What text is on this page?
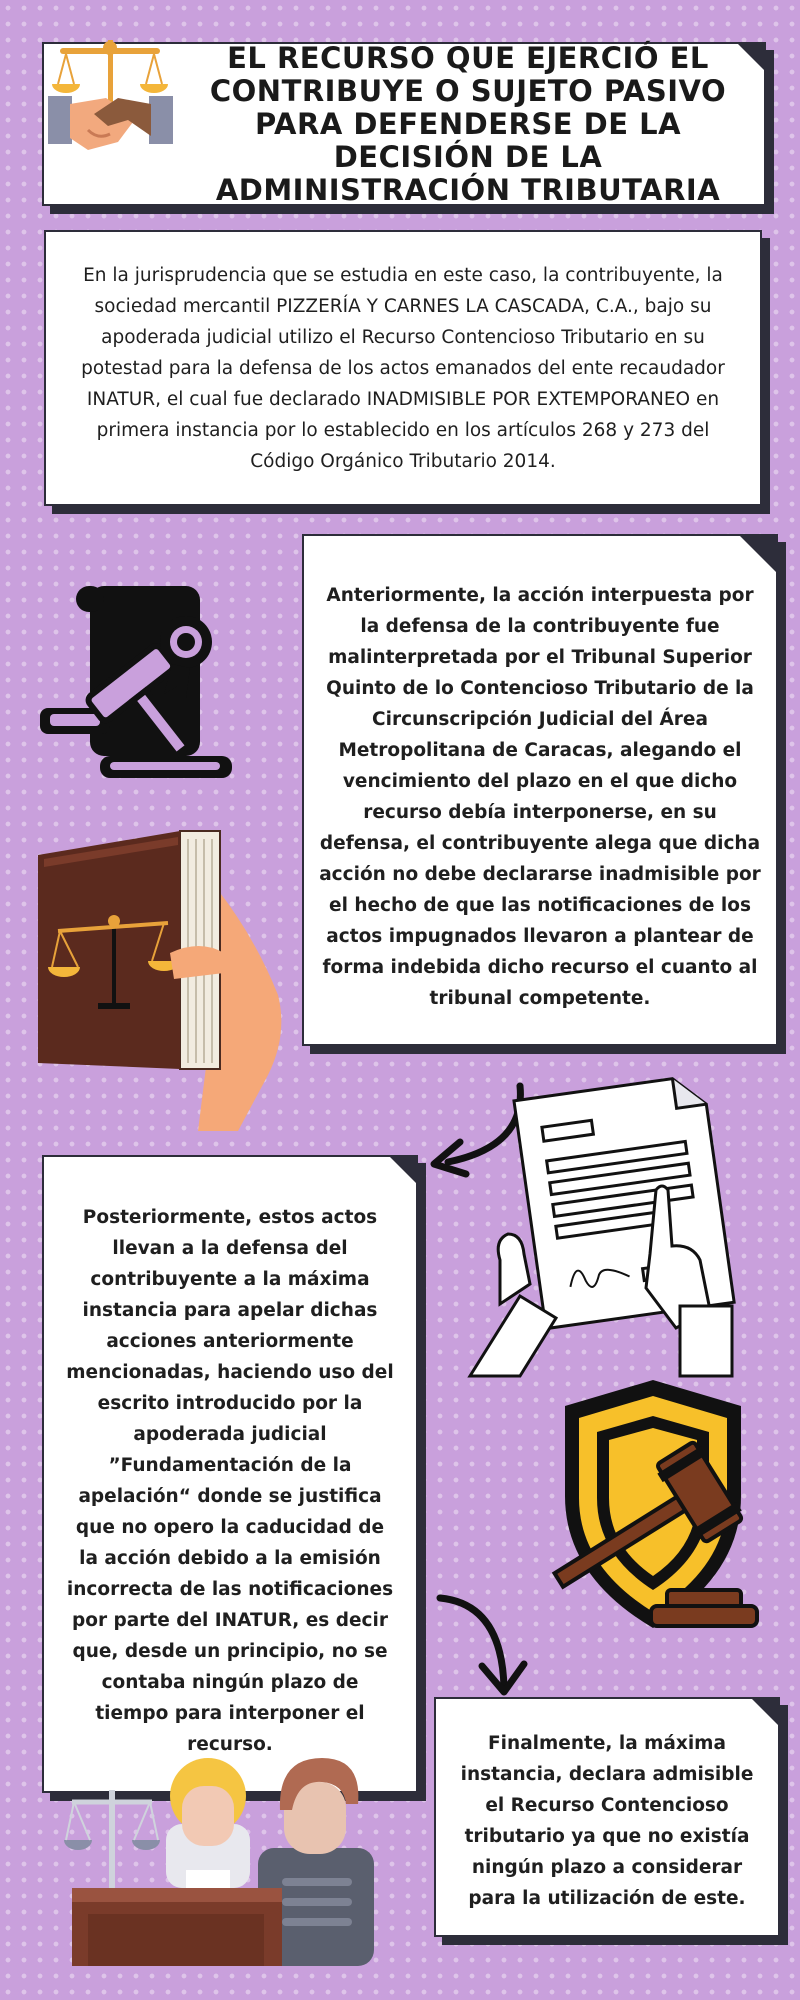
EL RECURSO QUE EJERCIÓ EL CONTRIBUYE O SUJETO PASIVO PARA DEFENDERSE DE LA DECISIÓN DE LA ADMINISTRACIÓN TRIBUTARIA
En la jurisprudencia que se estudia en este caso, la contribuyente, la sociedad mercantil PIZZERÍA Y CARNES LA CASCADA, C.A., bajo su apoderada judicial utilizo el Recurso Contencioso Tributario en su potestad para la defensa de los actos emanados del ente recaudador INATUR, el cual fue declarado INADMISIBLE POR EXTEMPORANEO en primera instancia por lo establecido en los artículos 268 y 273 del Código Orgánico Tributario 2014.
Anteriormente, la acción interpuesta por la defensa de la contribuyente fue malinterpretada por el Tribunal Superior Quinto de lo Contencioso Tributario de la Circunscripción Judicial del Área Metropolitana de Caracas, alegando el vencimiento del plazo en el que dicho recurso debía interponerse, en su defensa, el contribuyente alega que dicha acción no debe declararse inadmisible por el hecho de que las notificaciones de los actos impugnados llevaron a plantear de forma indebida dicho recurso el cuanto al tribunal competente.
Posteriormente, estos actos llevan a la defensa del contribuyente a la máxima instancia para apelar dichas acciones anteriormente mencionadas, haciendo uso del escrito introducido por la apoderada judicial ”Fundamentación de la apelación“ donde se justifica que no opero la caducidad de la acción debido a la emisión incorrecta de las notificaciones por parte del INATUR, es decir que, desde un principio, no se contaba ningún plazo de tiempo para interponer el recurso.	Finalmente, la máxima instancia, declara admisible el Recurso Contencioso tributario ya que no existía ningún plazo a considerar para la utilización de este.
